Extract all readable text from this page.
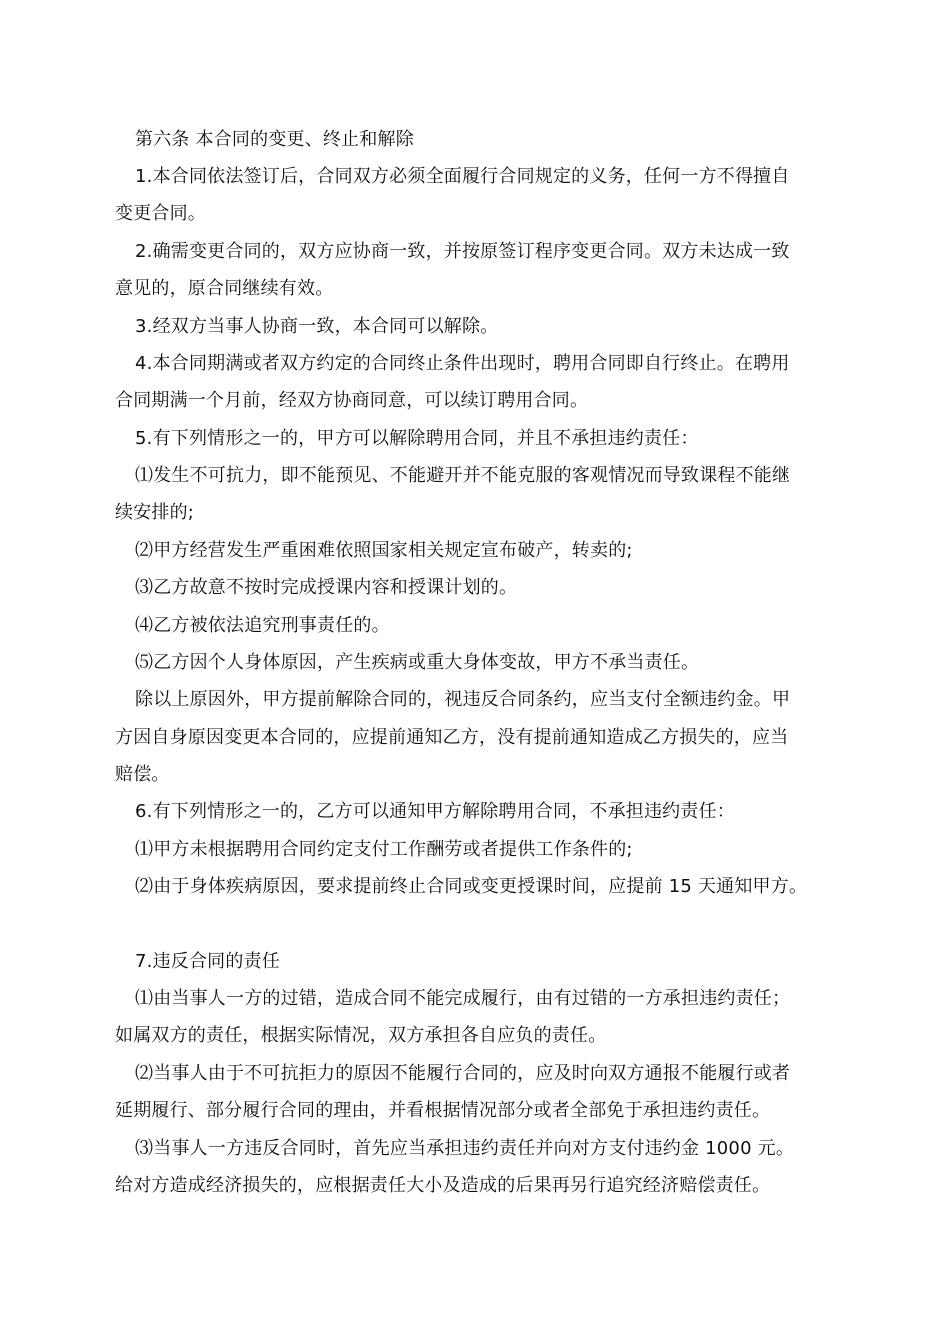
第六条 本合同的变更、终止和解除
1.本合同依法签订后，合同双方必须全面履行合同规定的义务，任何一方不得擅自
变更合同。
2.确需变更合同的，双方应协商一致，并按原签订程序变更合同。双方未达成一致
意见的，原合同继续有效。
3.经双方当事人协商一致，本合同可以解除。
4.本合同期满或者双方约定的合同终止条件出现时，聘用合同即自行终止。在聘用
合同期满一个月前，经双方协商同意，可以续订聘用合同。
5.有下列情形之一的，甲方可以解除聘用合同，并且不承担违约责任：
⑴发生不可抗力，即不能预见、不能避开并不能克服的客观情况而导致课程不能继
续安排的;
⑵甲方经营发生严重困难依照国家相关规定宣布破产，转卖的;
⑶乙方故意不按时完成授课内容和授课计划的。
⑷乙方被依法追究刑事责任的。
⑸乙方因个人身体原因，产生疾病或重大身体变故，甲方不承当责任。
除以上原因外，甲方提前解除合同的，视违反合同条约，应当支付全额违约金。甲
方因自身原因变更本合同的，应提前通知乙方，没有提前通知造成乙方损失的，应当
赔偿。
6.有下列情形之一的，乙方可以通知甲方解除聘用合同，不承担违约责任：
⑴甲方未根据聘用合同约定支付工作酬劳或者提供工作条件的;
⑵由于身体疾病原因，要求提前终止合同或变更授课时间，应提前 15 天通知甲方。
7.违反合同的责任
⑴由当事人一方的过错，造成合同不能完成履行，由有过错的一方承担违约责任；
如属双方的责任，根据实际情况，双方承担各自应负的责任。
⑵当事人由于不可抗拒力的原因不能履行合同的，应及时向双方通报不能履行或者
延期履行、部分履行合同的理由，并看根据情况部分或者全部免于承担违约责任。
⑶当事人一方违反合同时，首先应当承担违约责任并向对方支付违约金 1000 元。
给对方造成经济损失的，应根据责任大小及造成的后果再另行追究经济赔偿责任。
